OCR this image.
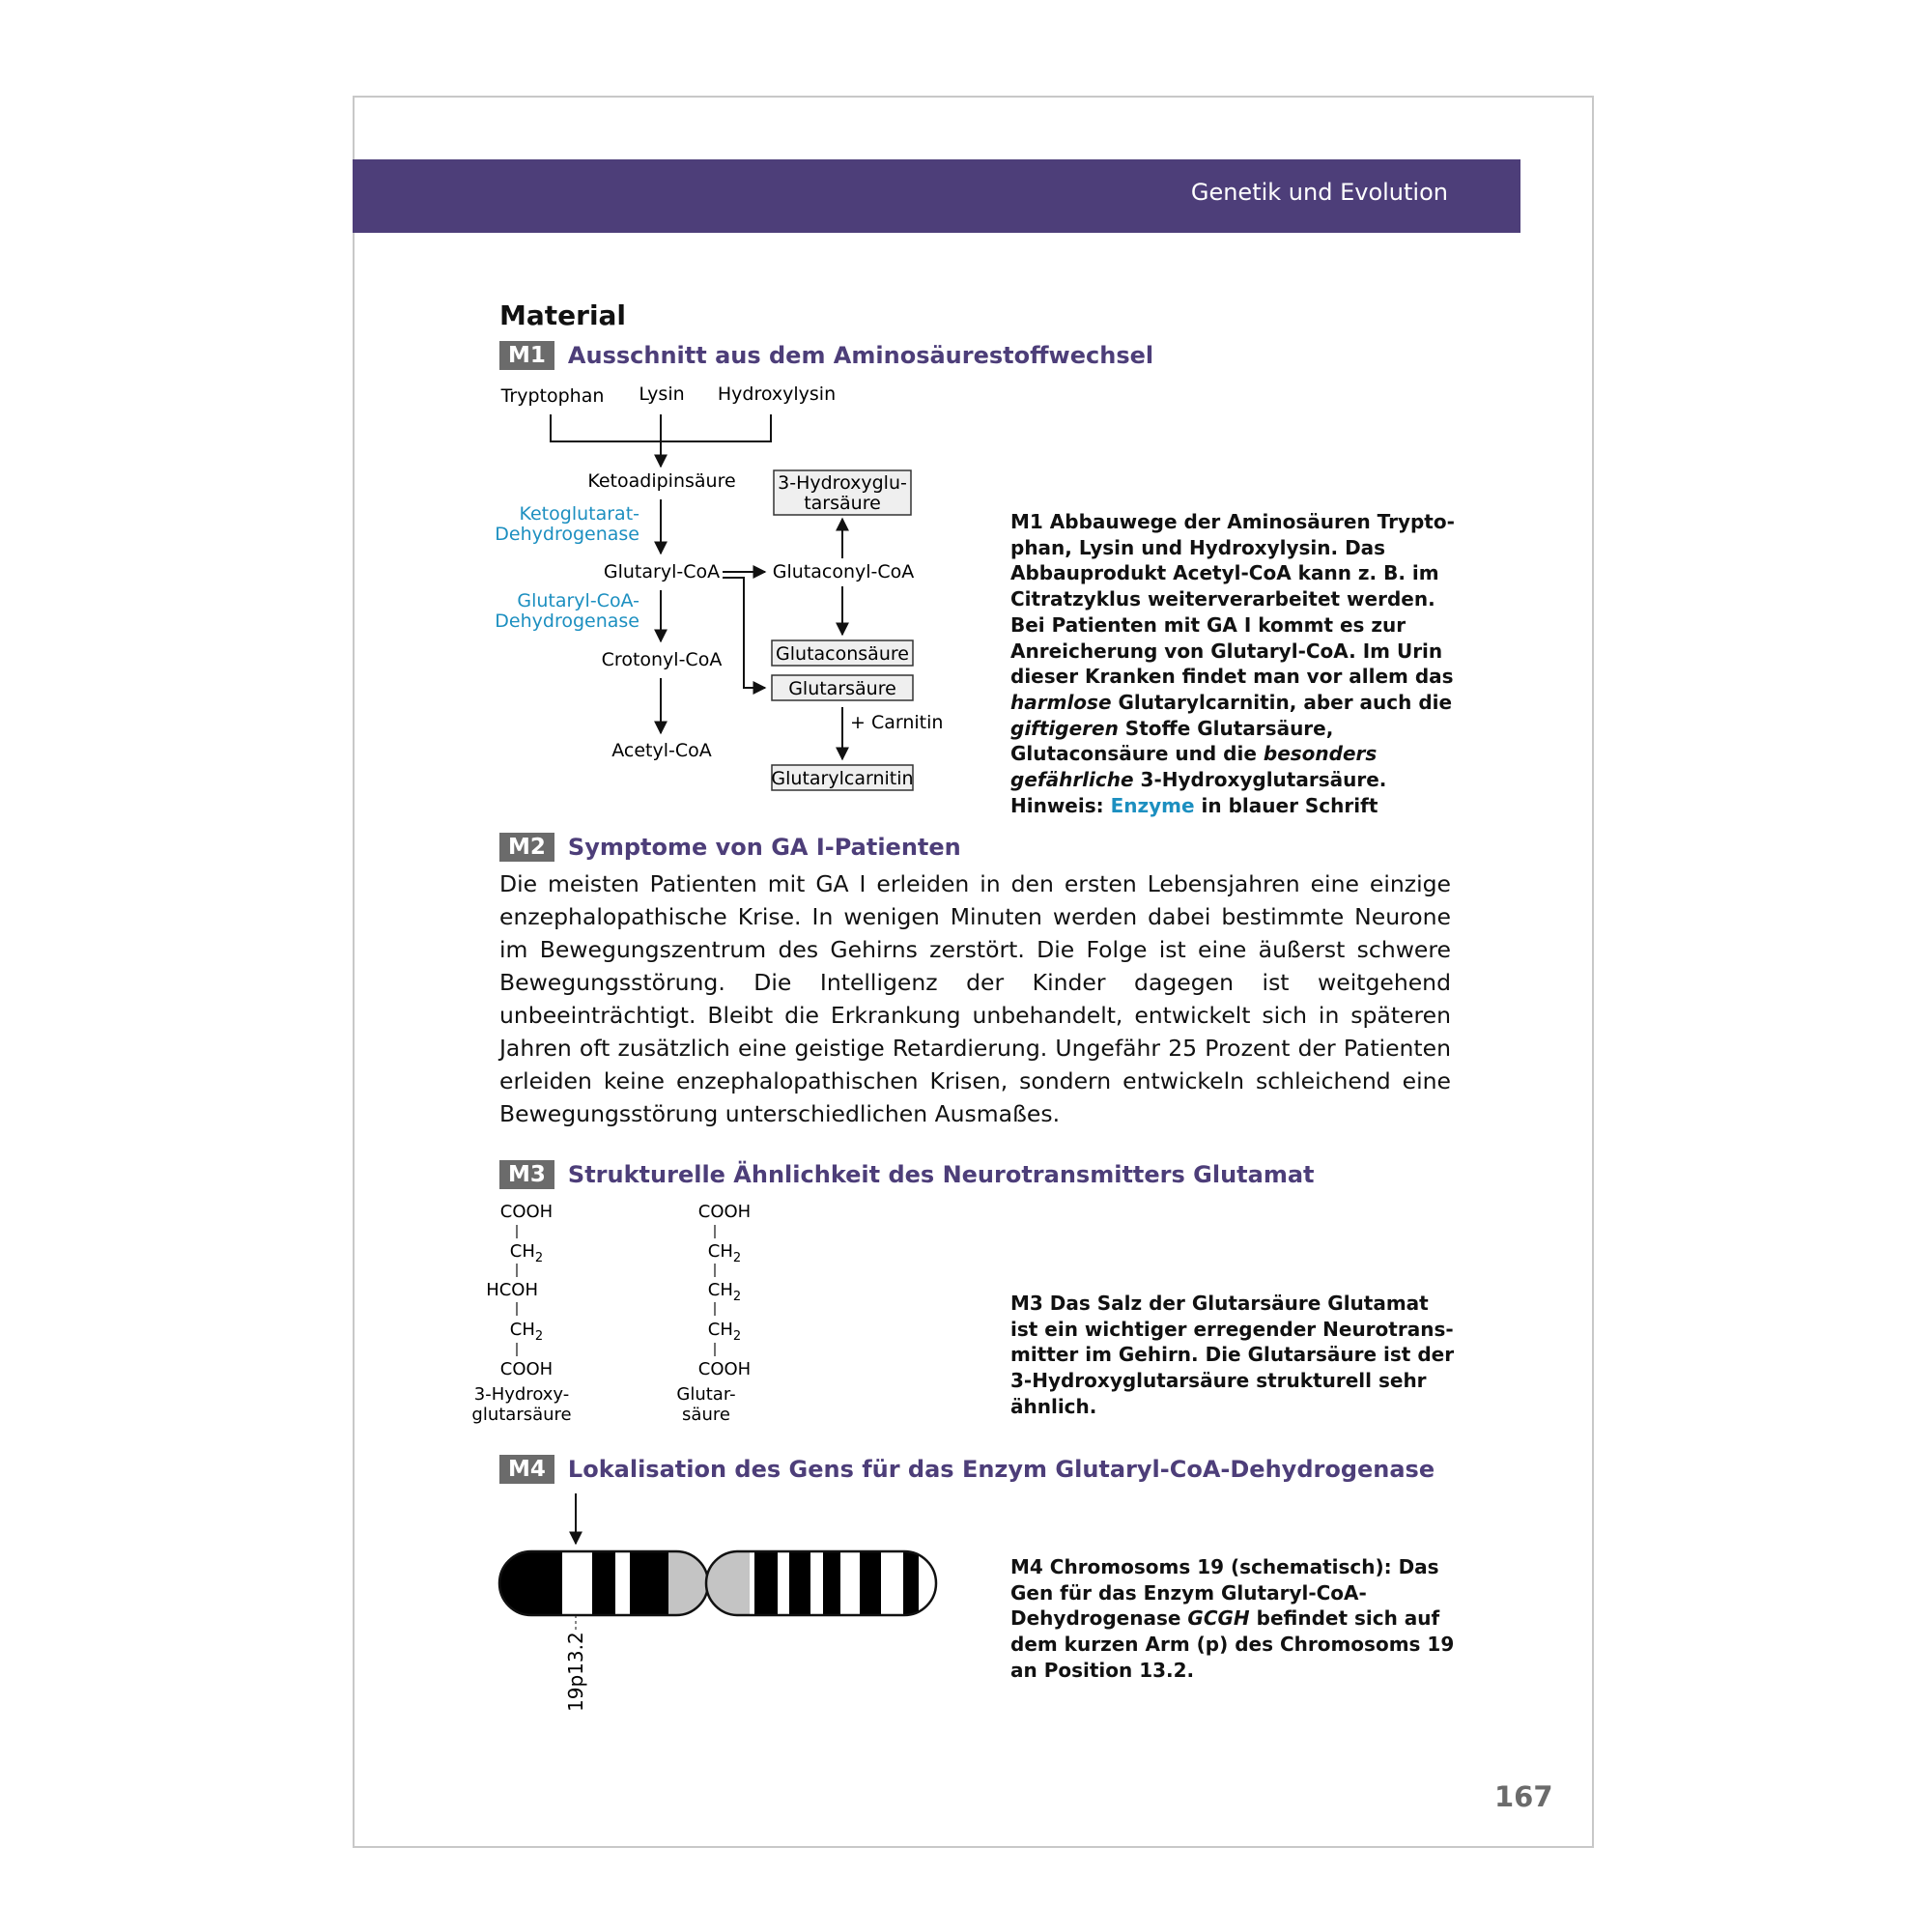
Genetik und Evolution
Material
M1 Ausschnitt aus dem Aminosäurestoffwechsel
Tryptophan Lysin Hydroxylysin
Ketoadipinsäure
Ketoglutarat-
Dehydrogenase
Glutaryl-CoA
Glutaryl-CoA-
Dehydrogenase
Crotonyl-CoA
Acetyl-CoA
Glutaconyl-CoA
3-Hydroxyglu-
tarsäure
Glutaconsäure
Glutarsäure
+ Carnitin
Glutarylcarnitin
M1 Abbauwege der Aminosäuren Tryptophan, Lysin und Hydroxylysin. Das Abbauprodukt Acetyl-CoA kann z. B. im Citratzyklus weiterverarbeitet werden. Bei Patienten mit GA I kommt es zur Anreicherung von Glutaryl-CoA. Im Urin dieser Kranken findet man vor allem das harmlose Glutarylcarnitin, aber auch die giftigeren Stoffe Glutarsäure, Glutaconsäure und die besonders gefährliche 3-Hydroxyglutarsäure. Hinweis: Enzyme in blauer Schrift
M2 Symptome von GA I-Patienten
Die meisten Patienten mit GA I erleiden in den ersten Lebensjahren eine einzige enzephalopathische Krise. In wenigen Minuten werden dabei bestimmte Neurone im Bewegungszentrum des Gehirns zerstört. Die Folge ist eine äußerst schwere Bewegungsstörung. Die Intelligenz der Kinder dagegen ist weitgehend unbeeinträchtigt. Bleibt die Erkrankung unbehandelt, entwickelt sich in späteren Jahren oft zusätzlich eine geistige Retardierung. Ungefähr 25 Prozent der Patienten erleiden keine enzephalopathischen Krisen, sondern entwickeln schleichend eine Bewegungsstörung unterschiedlichen Ausmaßes.
M3 Strukturelle Ähnlichkeit des Neurotransmitters Glutamat
COOH
$CH_2$
HCOH
$CH_2$
COOH
3-Hydroxy-
glutarsäure
COOH
$CH_2$
$CH_2$
$CH_2$
COOH
Glutar-
säure
M3 Das Salz der Glutarsäure Glutamat ist ein wichtiger erregender Neurotransmitter im Gehirn. Die Glutarsäure ist der 3-Hydroxyglutarsäure strukturell sehr ähnlich.
M4 Lokalisation des Gens für das Enzym Glutaryl-CoA-Dehydrogenase
19p13.2
M4 Chromosoms 19 (schematisch): Das Gen für das Enzym Glutaryl-CoA-Dehydrogenase GCGH befindet sich auf dem kurzen Arm (p) des Chromosoms 19 an Position 13.2.
167
